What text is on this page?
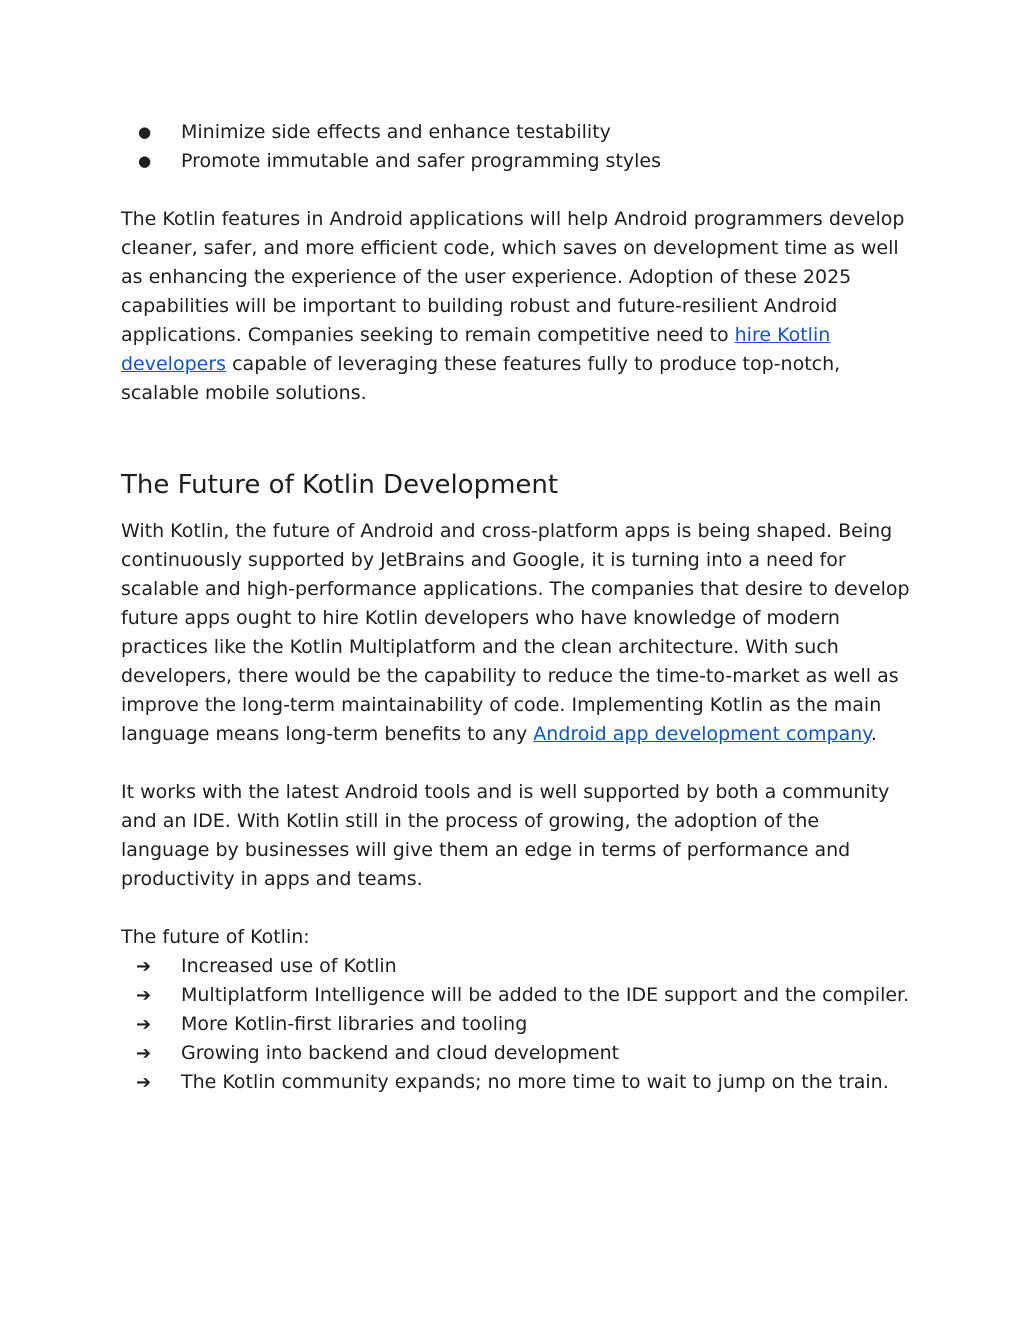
● Minimize side effects and enhance testability
● Promote immutable and safer programming styles

The Kotlin features in Android applications will help Android programmers develop cleaner, safer, and more efficient code, which saves on development time as well as enhancing the experience of the user experience. Adoption of these 2025 capabilities will be important to building robust and future-resilient Android applications. Companies seeking to remain competitive need to hire Kotlin developers capable of leveraging these features fully to produce top-notch, scalable mobile solutions.

The Future of Kotlin Development

With Kotlin, the future of Android and cross-platform apps is being shaped. Being continuously supported by JetBrains and Google, it is turning into a need for scalable and high-performance applications. The companies that desire to develop future apps ought to hire Kotlin developers who have knowledge of modern practices like the Kotlin Multiplatform and the clean architecture. With such developers, there would be the capability to reduce the time-to-market as well as improve the long-term maintainability of code. Implementing Kotlin as the main language means long-term benefits to any Android app development company.

It works with the latest Android tools and is well supported by both a community and an IDE. With Kotlin still in the process of growing, the adoption of the language by businesses will give them an edge in terms of performance and productivity in apps and teams.

The future of Kotlin:

➔ Increased use of Kotlin
➔ Multiplatform Intelligence will be added to the IDE support and the compiler.
➔ More Kotlin-first libraries and tooling
➔ Growing into backend and cloud development
➔ The Kotlin community expands; no more time to wait to jump on the train.
